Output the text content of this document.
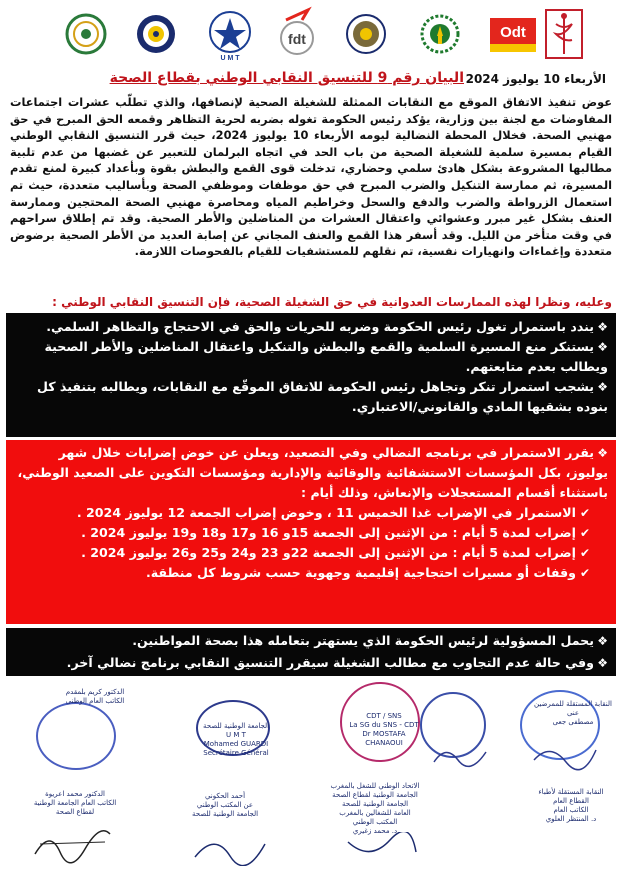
Odt
fdt
U M T
البيان رقم 9 للتنسيق النقابي الوطني بقطاع الصحة الأربعاء 10 يوليوز 2024

عوض تنفيذ الاتفاق الموقع مع النقابات الممثلة للشغيلة الصحية لإنصافها، والذي تطلّب عشرات اجتماعات المفاوضات مع لجنة بين وزارية، يؤكد رئيس الحكومة تغوله بضربه لحرية التظاهر وقمعه الحق المبرح في حق مهنيي الصحة. فخلال المحطة النضالية ليومه الأربعاء 10 يوليوز 2024، حيث قرر التنسيق النقابي الوطني القيام بمسيرة سلمية للشغيلة الصحية من باب الحد في اتجاه البرلمان للتعبير عن غضبها من عدم تلبية مطالبها المشروعة بشكل هادئ سلمي وحضاري، تدخلت قوى القمع والبطش بقوة وبأعداد كبيرة لمنع تقدم المسيرة، ثم ممارسة التنكيل والضرب المبرح في حق موظفات وموظفي الصحة وبأساليب متعددة، حيث تم استعمال الزرواطة والضرب والدفع والسحل وخراطيم المياه ومحاصرة مهنيي الصحة المحتجين وممارسة العنف بشكل غير مبرر وعشوائي واعتقال العشرات من المناضلين والأطر الصحية. وقد تم إطلاق سراحهم في وقت متأخر من الليل. وقد أسفر هذا القمع والعنف المجاني عن إصابة العديد من الأطر الصحية برضوض متعددة وإغماءات وانهيارات نفسية، تم نقلهم للمستشفيات للقيام بالفحوصات اللازمة.

وعليه، ونظرا لهذه الممارسات العدوانية في حق الشغيلة الصحية، فإن التنسيق النقابي الوطني :

❖يندد باستمرار تغول رئيس الحكومة وضربه للحريات والحق في الاحتجاج والتظاهر السلمي.

❖يستنكر منع المسيرة السلمية والقمع والبطش والتنكيل واعتقال المناضلين والأطر الصحية ويطالب بعدم متابعتهم.

❖يشجب استمرار تنكر وتجاهل رئيس الحكومة للاتفاق الموقّع مع النقابات، ويطالبه بتنفيذ كل بنوده بشقيها المادي والقانوني/الاعتباري.

❖يقرر الاستمرار في برنامجه النضالي وفي التصعيد، ويعلن عن خوض إضرابات خلال شهر يوليوز، بكل المؤسسات الاستشفائية والوقائية والإدارية ومؤسسات التكوين على الصعيد الوطني، باستثناء أقسام المستعجلات والإنعاش، وذلك أيام :

✔الاستمرار في الإضراب غدا الخميس 11 ، وخوض إضراب الجمعة 12 يوليوز 2024 .

✔إضراب لمدة 5 أيام : من الإثنين إلى الجمعة 15و 16 و17 و18 و19 يوليوز 2024 .

✔إضراب لمدة 5 أيام : من الإثنين إلى الجمعة 22و 23 و24 و25 و26 يوليوز 2024 .

✔وقفات أو مسيرات احتجاجية إقليمية وجهوية حسب شروط كل منطقة.

❖يحمل المسؤولية لرئيس الحكومة الذي يستهتر بتعامله هذا بصحة المواطنين.

❖وفي حالة عدم التجاوب مع مطالب الشغيلة سيقرر التنسيق النقابي برنامج نضالي آخر.

النقابة المستقلة للممرضين
عنى
مصطفى جعى
النقابة المستقلة لأطباء
القطاع العام
الكاتب العام
د. المنتظر العلوي
الجامعة الوطنية للصحة
العامة للشغالين بالمغرب
المكتب الوطني
د. محمد زغيري
الاتحاد الوطني للشغل بالمغرب
الجامعة الوطنية لقطاع الصحة
CDT / SNS
La SG du SNS - CDT
Dr MOSTAFA CHANAOUI
الجامعة الوطنية للصحة
U M T
Mohamed GUARDI
Secrétaire Général
أحمد الحكوني
عن المكتب الوطني
الجامعة الوطنية للصحة
الدكتور كريم بلمقدم
الكاتب العام الوطني
الدكتور محمد اعريوة
الكاتب العام الجامعة الوطنية
لقطاع الصحة
